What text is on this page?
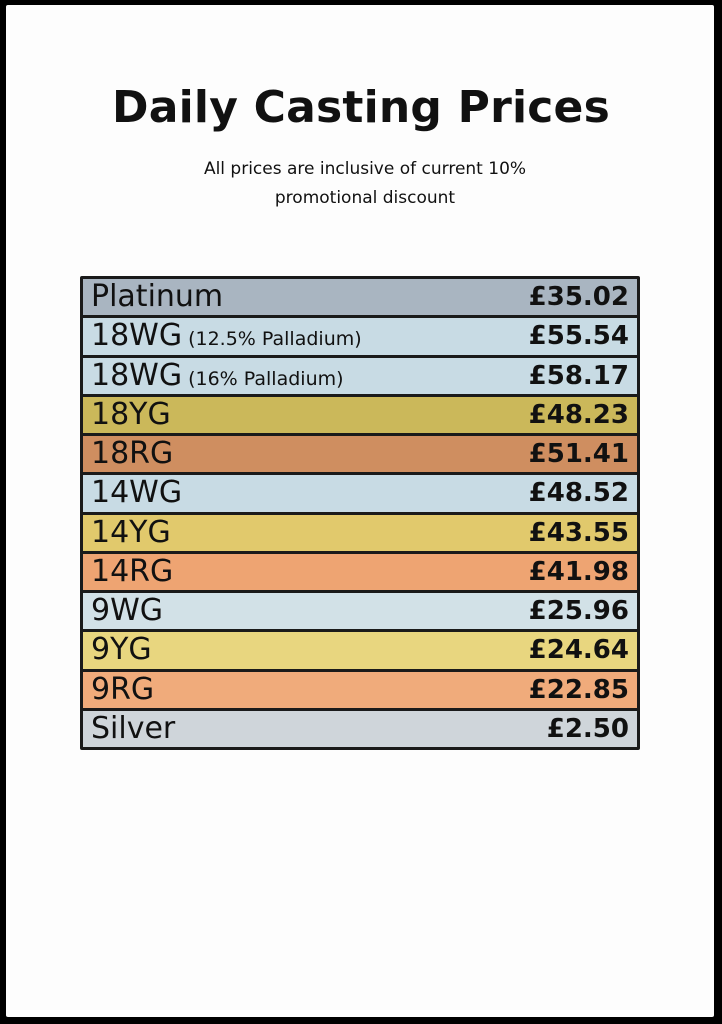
Daily Casting Prices
All prices are inclusive of current 10% promotional discount
Platinum	£35.02
18WG (12.5% Palladium)	£55.54
18WG (16% Palladium)	£58.17
18YG	£48.23
18RG	£51.41
14WG	£48.52
14YG	£43.55
14RG	£41.98
9WG	£25.96
9YG	£24.64
9RG	£22.85
Silver	£2.50
